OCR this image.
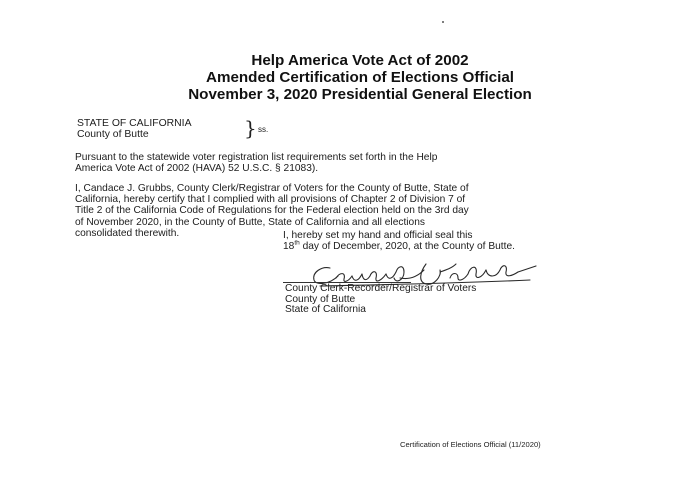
Help America Vote Act of 2002
Amended Certification of Elections Official
November 3, 2020 Presidential General Election
STATE OF CALIFORNIA
County of Butte	} ss.
Pursuant to the statewide voter registration list requirements set forth in the Help
America Vote Act of 2002 (HAVA) 52 U.S.C. § 21083).
I, Candace J. Grubbs, County Clerk/Registrar of Voters for the County of Butte, State of
California, hereby certify that I complied with all provisions of Chapter 2 of Division 7 of
Title 2 of the California Code of Regulations for the Federal election held on the 3rd day
of November 2020, in the County of Butte, State of California and all elections
consolidated therewith.	I, hereby set my hand and official seal this
18th day of December, 2020, at the County of Butte.
County Clerk-Recorder/Registrar of Voters
County of Butte
State of California
Certification of Elections Official (11/2020)
